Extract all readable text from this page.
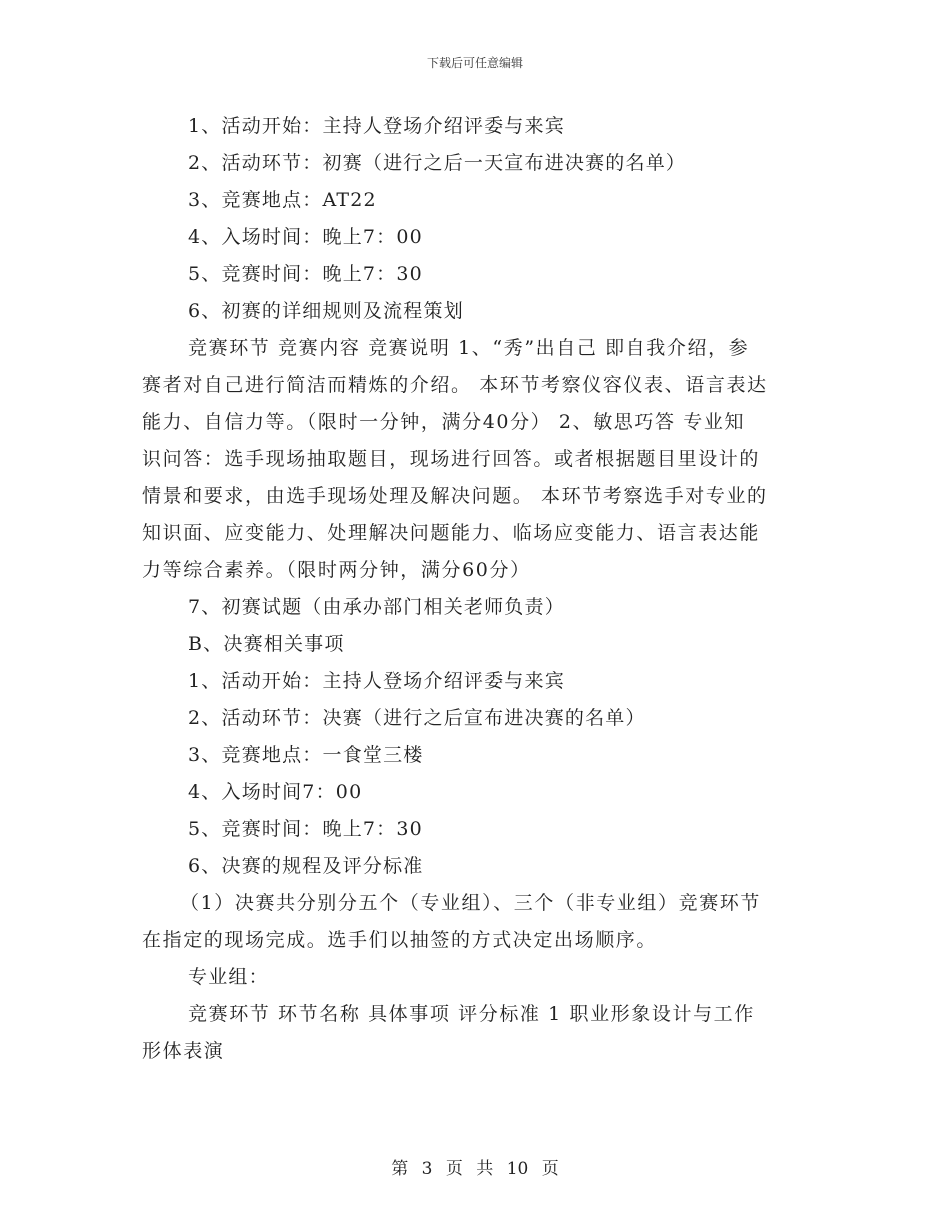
下载后可任意编辑
1、活动开始：主持人登场介绍评委与来宾
2、活动环节：初赛（进行之后一天宣布进决赛的名单）
3、竞赛地点：AT22
4、入场时间：晚上7：00
5、竞赛时间：晚上7：30
6、初赛的详细规则及流程策划
竞赛环节 竞赛内容 竞赛说明 1、“秀”出自己 即自我介绍，参
赛者对自己进行简洁而精炼的介绍。 本环节考察仪容仪表、语言表达
能力、自信力等。（限时一分钟，满分40分） 2、敏思巧答 专业知
识问答：选手现场抽取题目，现场进行回答。或者根据题目里设计的
情景和要求，由选手现场处理及解决问题。 本环节考察选手对专业的
知识面、应变能力、处理解决问题能力、临场应变能力、语言表达能
力等综合素养。（限时两分钟，满分60分）
7、初赛试题（由承办部门相关老师负责）
B、决赛相关事项
1、活动开始：主持人登场介绍评委与来宾
2、活动环节：决赛（进行之后宣布进决赛的名单）
3、竞赛地点：一食堂三楼
4、入场时间7：00
5、竞赛时间：晚上7：30
6、决赛的规程及评分标准
（1）决赛共分别分五个（专业组）、三个（非专业组）竞赛环节
在指定的现场完成。选手们以抽签的方式决定出场顺序。
专业组：
竞赛环节 环节名称 具体事项 评分标准 1 职业形象设计与工作
形体表演
第 3 页 共 10 页
